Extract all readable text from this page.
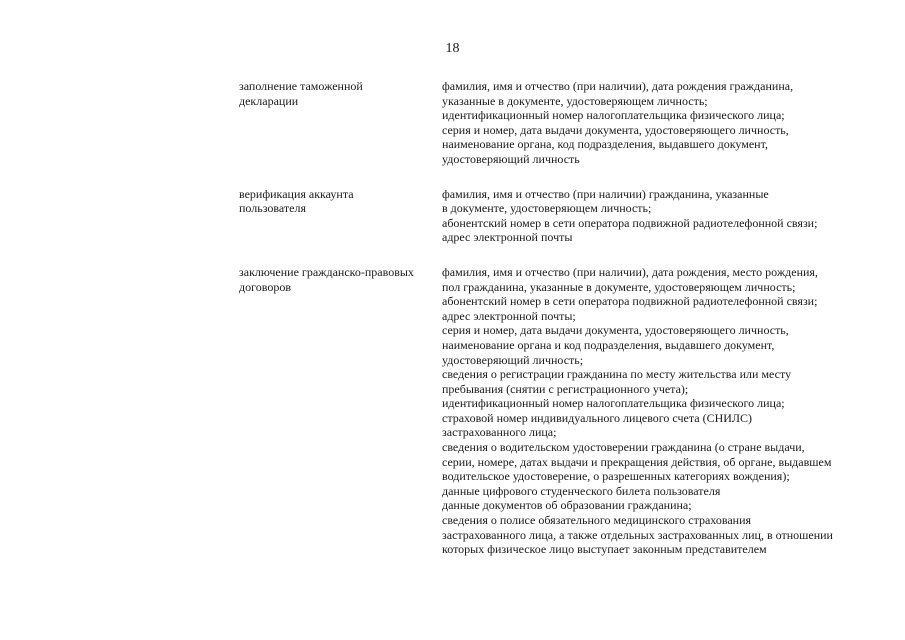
18
заполнение таможенной
декларации
фамилия, имя и отчество (при наличии), дата рождения гражданина,
указанные в документе, удостоверяющем личность;
идентификационный номер налогоплательщика физического лица;
серия и номер, дата выдачи документа, удостоверяющего личность,
наименование органа, код подразделения, выдавшего документ,
удостоверяющий личность
верификация аккаунта
пользователя
фамилия, имя и отчество (при наличии) гражданина, указанные
в документе, удостоверяющем личность;
абонентский номер в сети оператора подвижной радиотелефонной связи;
адрес электронной почты
заключение гражданско-правовых
договоров
фамилия, имя и отчество (при наличии), дата рождения, место рождения,
пол гражданина, указанные в документе, удостоверяющем личность;
абонентский номер в сети оператора подвижной радиотелефонной связи;
адрес электронной почты;
серия и номер, дата выдачи документа, удостоверяющего личность,
наименование органа и код подразделения, выдавшего документ,
удостоверяющий личность;
сведения о регистрации гражданина по месту жительства или месту
пребывания (снятии с регистрационного учета);
идентификационный номер налогоплательщика физического лица;
страховой номер индивидуального лицевого счета (СНИЛС)
застрахованного лица;
сведения о водительском удостоверении гражданина (о стране выдачи,
серии, номере, датах выдачи и прекращения действия, об органе, выдавшем
водительское удостоверение, о разрешенных категориях вождения);
данные цифрового студенческого билета пользователя
данные документов об образовании гражданина;
сведения о полисе обязательного медицинского страхования
застрахованного лица, а также отдельных застрахованных лиц, в отношении
которых физическое лицо выступает законным представителем
